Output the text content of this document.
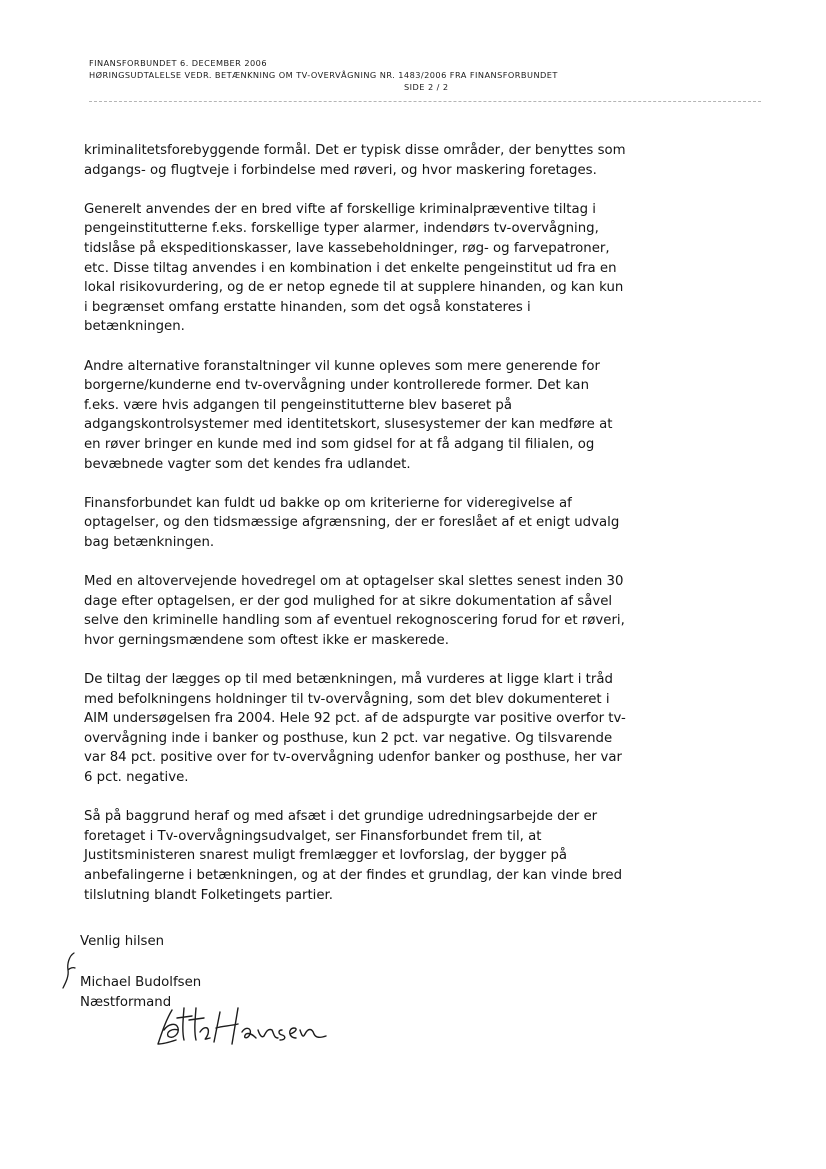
FINANSFORBUNDET 6. DECEMBER 2006
HØRINGSUDTALELSE VEDR. BETÆNKNING OM TV-OVERVÅGNING NR. 1483/2006 FRA FINANSFORBUNDET
SIDE 2 / 2
kriminalitetsforebyggende formål. Det er typisk disse områder, der benyttes som
adgangs- og flugtveje i forbindelse med røveri, og hvor maskering foretages.
Generelt anvendes der en bred vifte af forskellige kriminalpræventive tiltag i
pengeinstitutterne f.eks. forskellige typer alarmer, indendørs tv-overvågning,
tidslåse på ekspeditionskasser, lave kassebeholdninger, røg- og farvepatroner,
etc. Disse tiltag anvendes i en kombination i det enkelte pengeinstitut ud fra en
lokal risikovurdering, og de er netop egnede til at supplere hinanden, og kan kun
i begrænset omfang erstatte hinanden, som det også konstateres i
betænkningen.
Andre alternative foranstaltninger vil kunne opleves som mere generende for
borgerne/kunderne end tv-overvågning under kontrollerede former. Det kan
f.eks. være hvis adgangen til pengeinstitutterne blev baseret på
adgangskontrolsystemer med identitetskort, slusesystemer der kan medføre at
en røver bringer en kunde med ind som gidsel for at få adgang til filialen, og
bevæbnede vagter som det kendes fra udlandet.
Finansforbundet kan fuldt ud bakke op om kriterierne for videregivelse af
optagelser, og den tidsmæssige afgrænsning, der er foreslået af et enigt udvalg
bag betænkningen.
Med en altovervejende hovedregel om at optagelser skal slettes senest inden 30
dage efter optagelsen, er der god mulighed for at sikre dokumentation af såvel
selve den kriminelle handling som af eventuel rekognoscering forud for et røveri,
hvor gerningsmændene som oftest ikke er maskerede.
De tiltag der lægges op til med betænkningen, må vurderes at ligge klart i tråd
med befolkningens holdninger til tv-overvågning, som det blev dokumenteret i
AIM undersøgelsen fra 2004. Hele 92 pct. af de adspurgte var positive overfor tv-
overvågning inde i banker og posthuse, kun 2 pct. var negative. Og tilsvarende
var 84 pct. positive over for tv-overvågning udenfor banker og posthuse, her var
6 pct. negative.
Så på baggrund heraf og med afsæt i det grundige udredningsarbejde der er
foretaget i Tv-overvågningsudvalget, ser Finansforbundet frem til, at
Justitsministeren snarest muligt fremlægger et lovforslag, der bygger på
anbefalingerne i betænkningen, og at der findes et grundlag, der kan vinde bred
tilslutning blandt Folketingets partier.
Venlig hilsen
Michael Budolfsen
Næstformand
